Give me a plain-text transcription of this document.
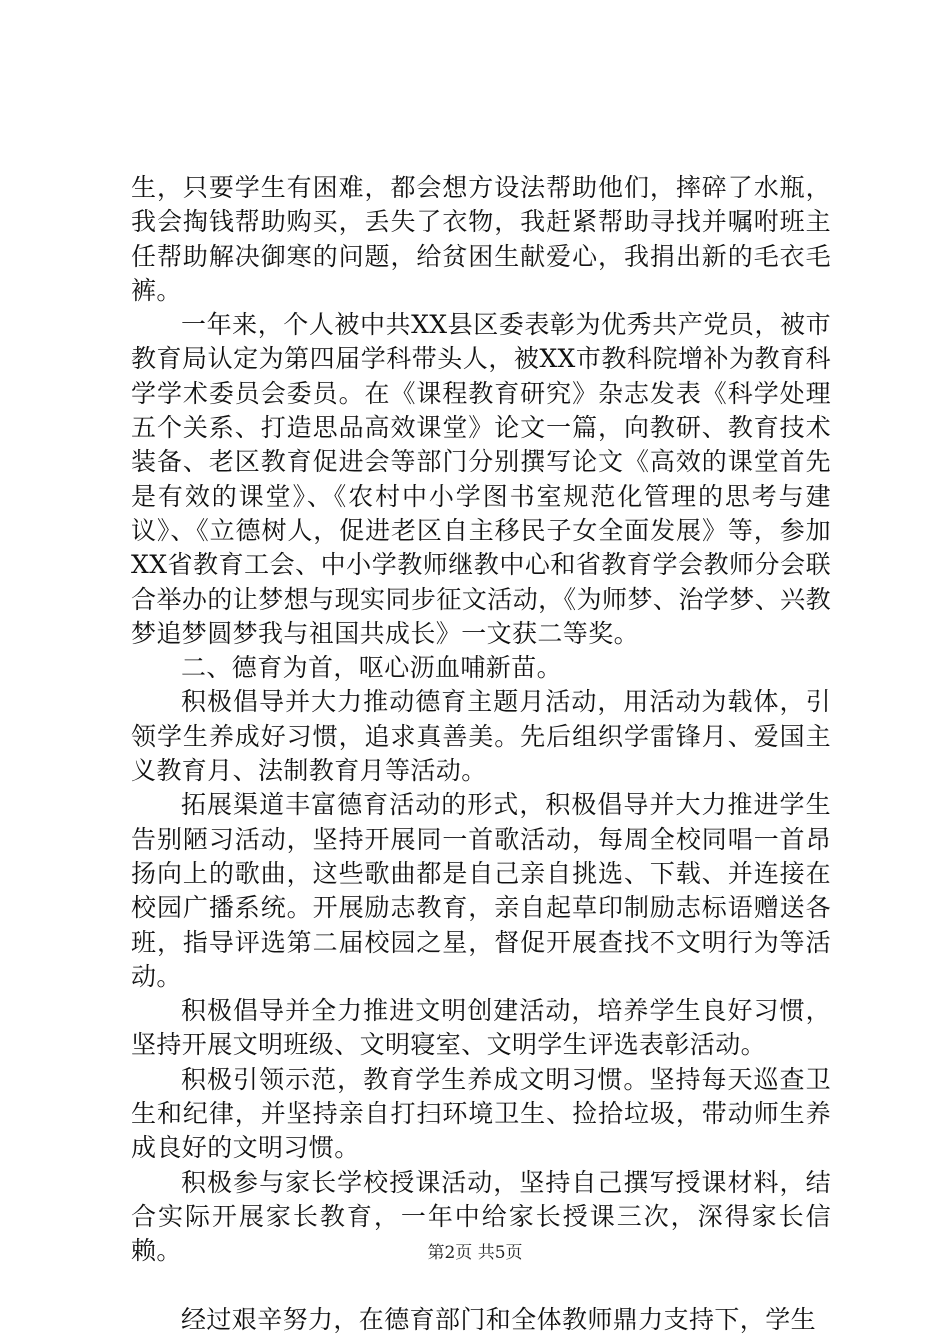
生，只要学生有困难，都会想方设法帮助他们，摔碎了水瓶，我会掏钱帮助购买，丢失了衣物，我赶紧帮助寻找并嘱咐班主任帮助解决御寒的问题，给贫困生献爱心，我捐出新的毛衣毛裤。

一年来，个人被中共XX县区委表彰为优秀共产党员，被市教育局认定为第四届学科带头人，被XX市教科院增补为教育科学学术委员会委员。在《课程教育研究》杂志发表《科学处理五个关系、打造思品高效课堂》论文一篇，向教研、教育技术装备、老区教育促进会等部门分别撰写论文《高效的课堂首先是有效的课堂》、《农村中小学图书室规范化管理的思考与建议》、《立德树人，促进老区自主移民子女全面发展》等，参加XX省教育工会、中小学教师继教中心和省教育学会教师分会联合举办的让梦想与现实同步征文活动，《为师梦、治学梦、兴教梦追梦圆梦我与祖国共成长》一文获二等奖。

二、德育为首，呕心沥血哺新苗。

积极倡导并大力推动德育主题月活动，用活动为载体，引领学生养成好习惯，追求真善美。先后组织学雷锋月、爱国主义教育月、法制教育月等活动。

拓展渠道丰富德育活动的形式，积极倡导并大力推进学生告别陋习活动，坚持开展同一首歌活动，每周全校同唱一首昂扬向上的歌曲，这些歌曲都是自己亲自挑选、下载、并连接在校园广播系统。开展励志教育，亲自起草印制励志标语赠送各班，指导评选第二届校园之星，督促开展查找不文明行为等活动。

积极倡导并全力推进文明创建活动，培养学生良好习惯，坚持开展文明班级、文明寝室、文明学生评选表彰活动。

积极引领示范，教育学生养成文明习惯。坚持每天巡查卫生和纪律，并坚持亲自打扫环境卫生、捡拾垃圾，带动师生养成良好的文明习惯。

积极参与家长学校授课活动，坚持自己撰写授课材料，结合实际开展家长教育，一年中给家长授课三次，深得家长信赖。

经过艰辛努力，在德育部门和全体教师鼎力支持下，学生

第2页 共5页
